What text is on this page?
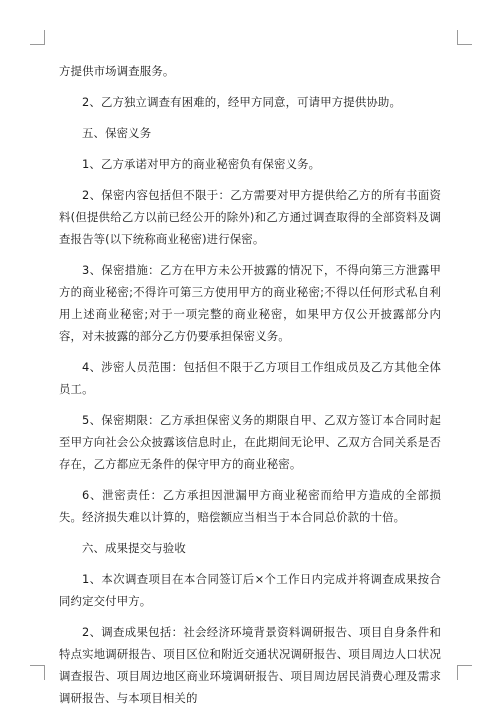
方提供市场调查服务。

2、乙方独立调查有困难的，经甲方同意，可请甲方提供协助。

五、保密义务

1、乙方承诺对甲方的商业秘密负有保密义务。

2、保密内容包括但不限于：乙方需要对甲方提供给乙方的所有书面资料(但提供给乙方以前已经公开的除外)和乙方通过调查取得的全部资料及调查报告等(以下统称商业秘密)进行保密。

3、保密措施：乙方在甲方未公开披露的情况下，不得向第三方泄露甲方的商业秘密;不得许可第三方使用甲方的商业秘密;不得以任何形式私自利用上述商业秘密;对于一项完整的商业秘密，如果甲方仅公开披露部分内容，对未披露的部分乙方仍要承担保密义务。

4、涉密人员范围：包括但不限于乙方项目工作组成员及乙方其他全体员工。

5、保密期限：乙方承担保密义务的期限自甲、乙双方签订本合同时起至甲方向社会公众披露该信息时止，在此期间无论甲、乙双方合同关系是否存在，乙方都应无条件的保守甲方的商业秘密。

6、泄密责任：乙方承担因泄漏甲方商业秘密而给甲方造成的全部损失。经济损失难以计算的，赔偿额应当相当于本合同总价款的十倍。

六、成果提交与验收

1、本次调查项目在本合同签订后×个工作日内完成并将调查成果按合同约定交付甲方。

2、调查成果包括：社会经济环境背景资料调研报告、项目自身条件和特点实地调研报告、项目区位和附近交通状况调研报告、项目周边人口状况调查报告、项目周边地区商业环境调研报告、项目周边居民消费心理及需求调研报告、与本项目相关的
